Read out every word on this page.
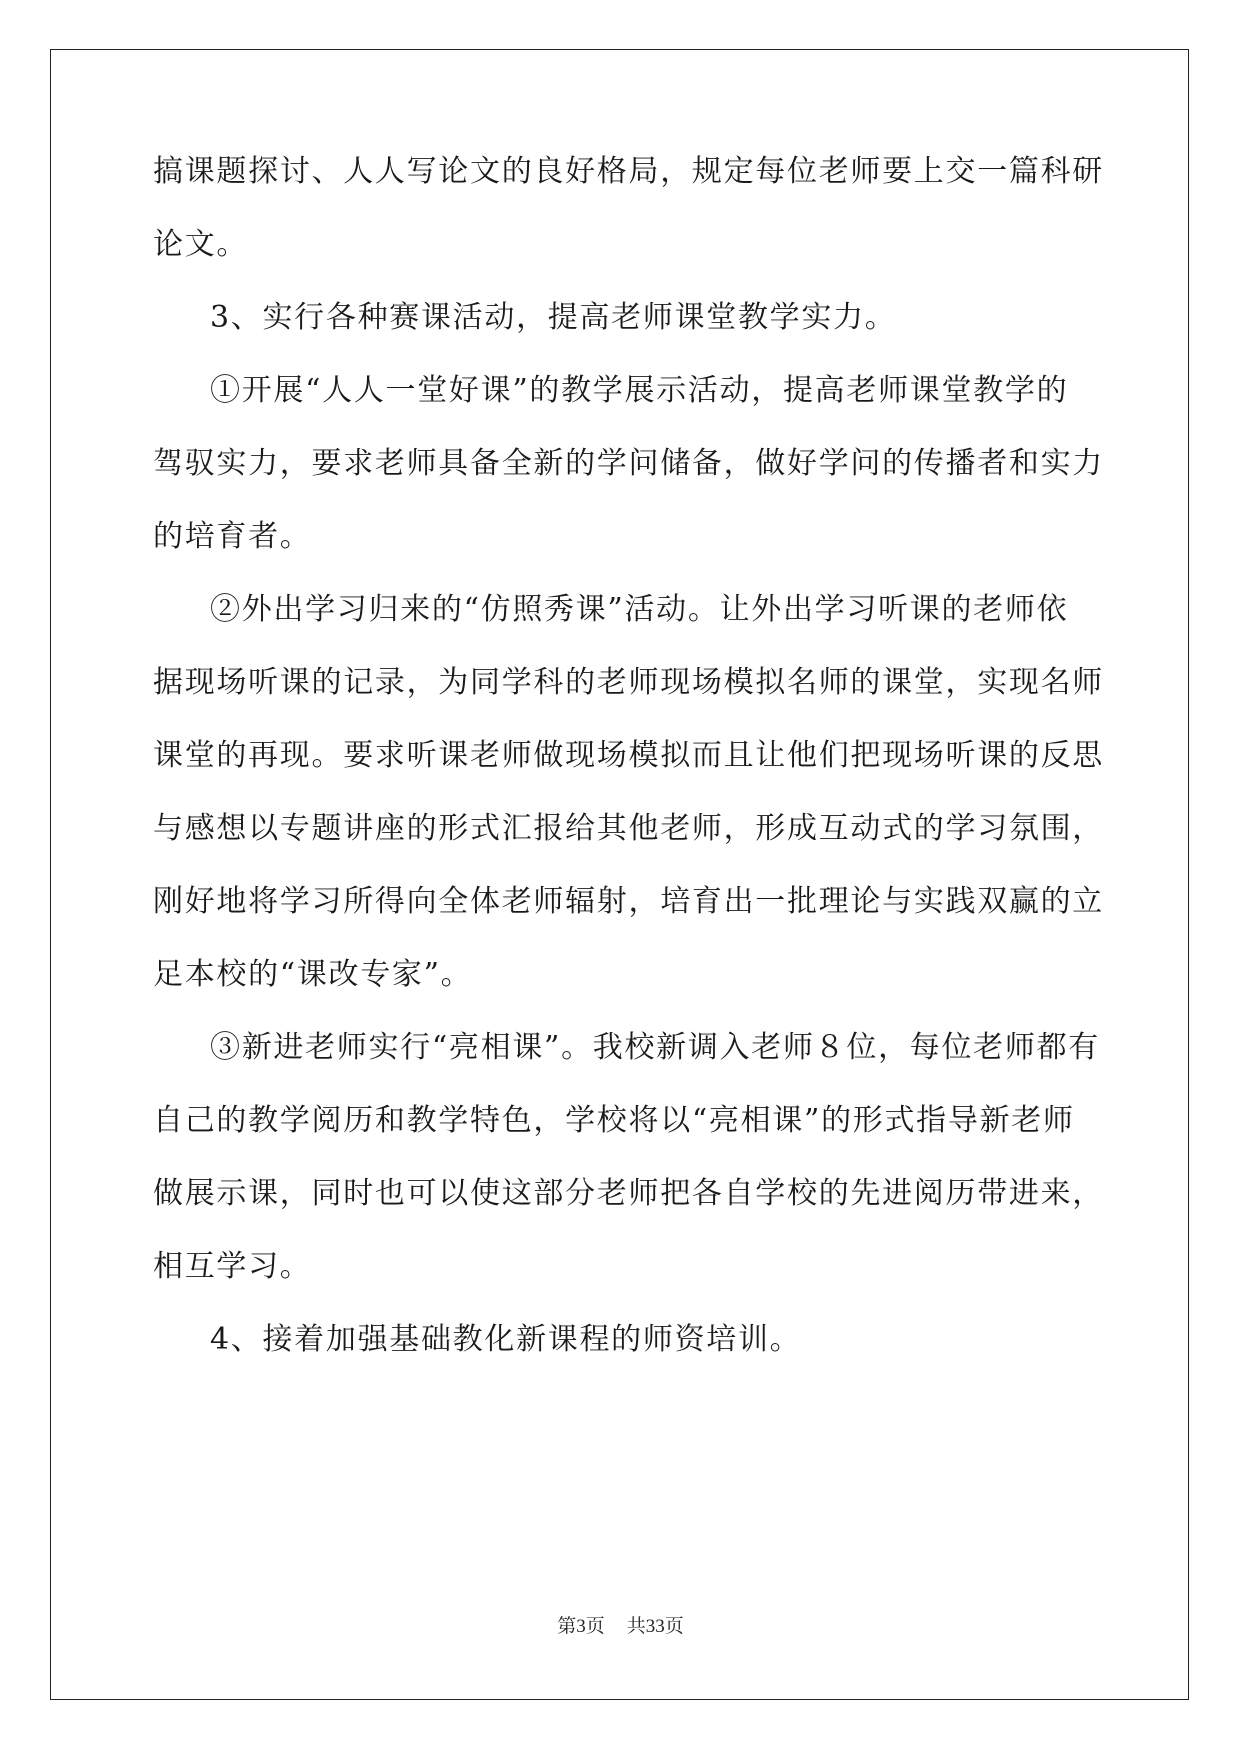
搞课题探讨、人人写论文的良好格局，规定每位老师要上交一篇科研
论文。
3、实行各种赛课活动，提高老师课堂教学实力。
①开展“人人一堂好课”的教学展示活动，提高老师课堂教学的
驾驭实力，要求老师具备全新的学问储备，做好学问的传播者和实力
的培育者。
②外出学习归来的“仿照秀课”活动。让外出学习听课的老师依
据现场听课的记录，为同学科的老师现场模拟名师的课堂，实现名师
课堂的再现。要求听课老师做现场模拟而且让他们把现场听课的反思
与感想以专题讲座的形式汇报给其他老师，形成互动式的学习氛围，
刚好地将学习所得向全体老师辐射，培育出一批理论与实践双赢的立
足本校的“课改专家”。
③新进老师实行“亮相课”。我校新调入老师８位，每位老师都有
自己的教学阅历和教学特色，学校将以“亮相课”的形式指导新老师
做展示课，同时也可以使这部分老师把各自学校的先进阅历带进来，
相互学习。
4、接着加强基础教化新课程的师资培训。
第3页 共33页
